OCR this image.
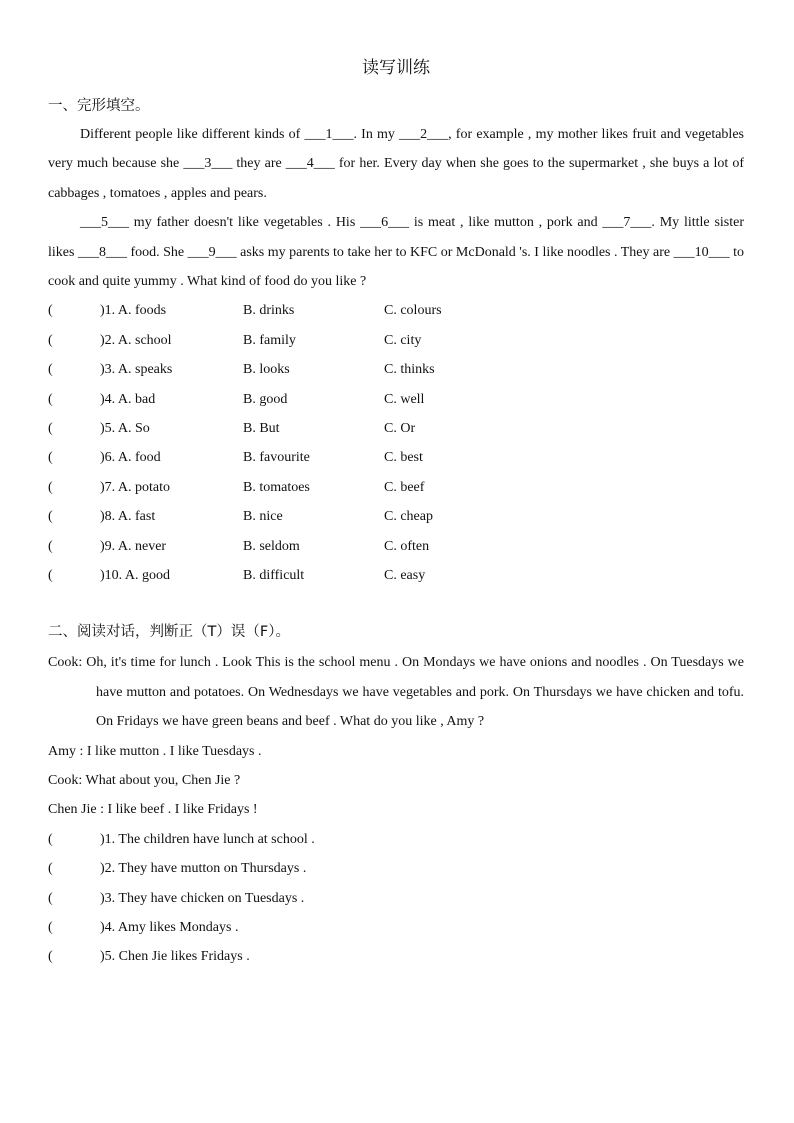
读写训练
一、完形填空。
Different people like different kinds of ___1___. In my ___2___, for example , my mother likes fruit and vegetables very much because she ___3___ they are ___4___ for her. Every day when she goes to the supermarket , she buys a lot of cabbages , tomatoes , apples and pears.
___5___ my father doesn't like vegetables . His ___6___ is meat , like mutton , pork and ___7___. My little sister likes ___8___ food. She ___9___ asks my parents to take her to KFC or McDonald 's. I like noodles . They are ___10___ to cook and quite yummy . What kind of food do you like ?
(	)1. A. foods	B. drinks	C. colours
(	)2. A. school	B. family	C. city
(	)3. A. speaks	B. looks	C. thinks
(	)4. A. bad	B. good	C. well
(	)5. A. So	B. But	C. Or
(	)6. A. food	B. favourite	C. best
(	)7. A. potato	B. tomatoes	C. beef
(	)8. A. fast	B. nice	C. cheap
(	)9. A. never	B. seldom	C. often
(	)10. A. good	B. difficult	C. easy
二、阅读对话，判断正（T）误（F）。
Cook: Oh, it's time for lunch . Look This is the school menu . On Mondays we have onions and noodles . On Tuesdays we have mutton and potatoes. On Wednesdays we have vegetables and pork. On Thursdays we have chicken and tofu. On Fridays we have green beans and beef . What do you like , Amy ?
Amy : I like mutton . I like Tuesdays .
Cook: What about you, Chen Jie ?
Chen Jie : I like beef . I like Fridays !
(	)1. The children have lunch at school .
(	)2. They have mutton on Thursdays .
(	)3. They have chicken on Tuesdays .
(	)4. Amy likes Mondays .
(	)5. Chen Jie likes Fridays .
